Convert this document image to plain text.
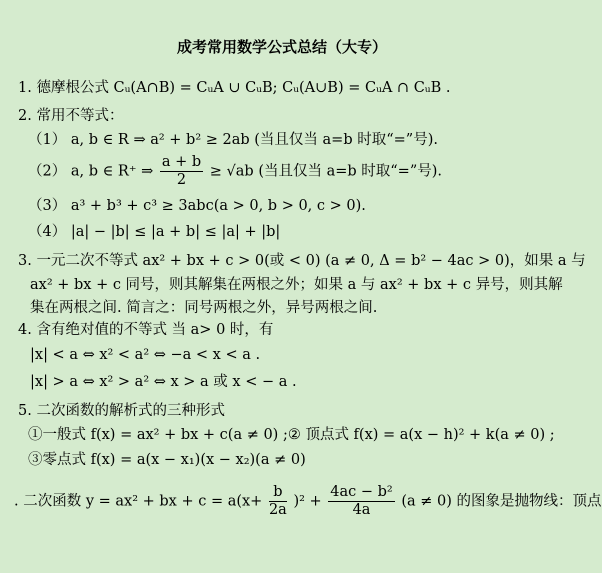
成考常用数学公式总结（大专）
1. 德摩根公式 Cᵤ(A∩B) = CᵤA ∪ CᵤB; Cᵤ(A∪B) = CᵤA ∩ CᵤB .
2. 常用不等式：
（1） a, b ∈ R ⇒ a² + b² ≥ 2ab (当且仅当 a=b 时取“=”号).
（2） a, b ∈ R⁺ ⇒ $\frac{a + b}{2} \ge √ab$ (当且仅当 a=b 时取“=”号).
（3） a³ + b³ + c³ ≥ 3abc(a > 0, b > 0, c > 0).
（4） |a| − |b| ≤ |a + b| ≤ |a| + |b|
3. 一元二次不等式 ax² + bx + c > 0(或 < 0) (a ≠ 0, Δ = b² − 4ac > 0)，如果 a 与
ax² + bx + c 同号，则其解集在两根之外；如果 a 与 ax² + bx + c 异号，则其解
集在两根之间. 简言之：同号两根之外，异号两根之间.
4. 含有绝对值的不等式 当 a> 0 时，有
|x| < a ⇔ x² < a² ⇔ −a < x < a .
|x| > a ⇔ x² > a² ⇔ x > a 或 x < − a .
5. 二次函数的解析式的三种形式
①一般式 f(x) = ax² + bx + c(a ≠ 0) ;② 顶点式 f(x) = a(x − h)² + k(a ≠ 0) ;
③零点式 f(x) = a(x − x₁)(x − x₂)(a ≠ 0)
. 二次函数 y = ax² + bx + $c = a(x+ \frac{b}{2a} )^2 + \frac{\text{4ac − b²}}{4a} (a \ne 0)$ 的图象是抛物线：顶点
